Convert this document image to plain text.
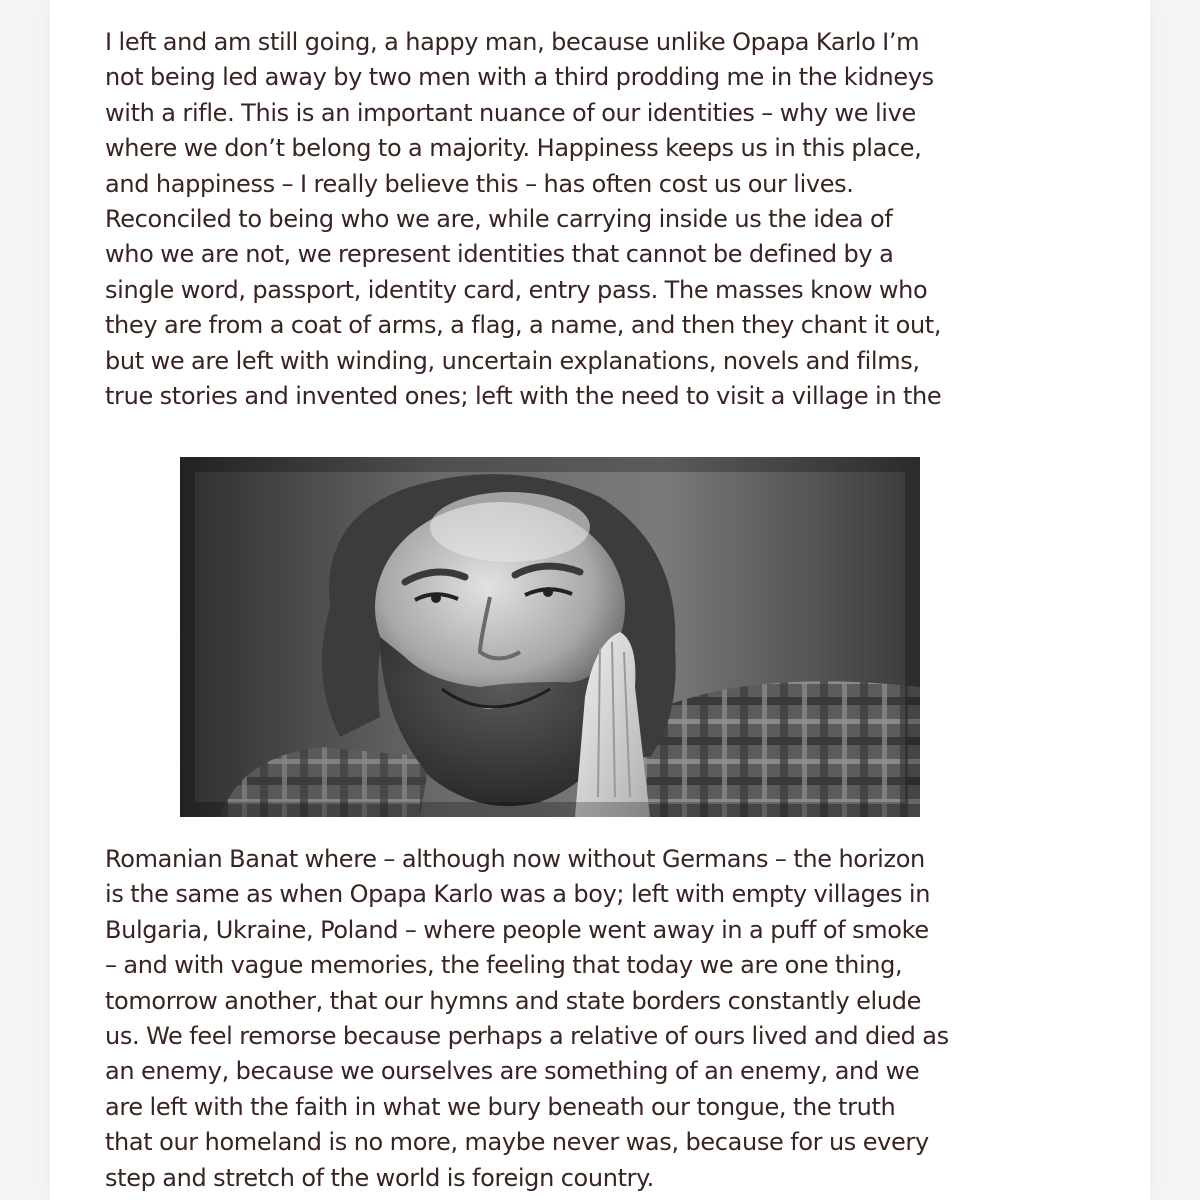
I left and am still going, a happy man, because unlike Opapa Karlo I’m
not being led away by two men with a third prodding me in the kidneys
with a rifle. This is an important nuance of our identities – why we live
where we don’t belong to a majority. Happiness keeps us in this place,
and happiness – I really believe this – has often cost us our lives.
Reconciled to being who we are, while carrying inside us the idea of
who we are not, we represent identities that cannot be defined by a
single word, passport, identity card, entry pass. The masses know who
they are from a coat of arms, a flag, a name, and then they chant it out,
but we are left with winding, uncertain explanations, novels and films,
true stories and invented ones; left with the need to visit a village in the

Romanian Banat where – although now without Germans – the horizon
is the same as when Opapa Karlo was a boy; left with empty villages in
Bulgaria, Ukraine, Poland – where people went away in a puff of smoke
– and with vague memories, the feeling that today we are one thing,
tomorrow another, that our hymns and state borders constantly elude
us. We feel remorse because perhaps a relative of ours lived and died as
an enemy, because we ourselves are something of an enemy, and we
are left with the faith in what we bury beneath our tongue, the truth
that our homeland is no more, maybe never was, because for us every
step and stretch of the world is foreign country.
